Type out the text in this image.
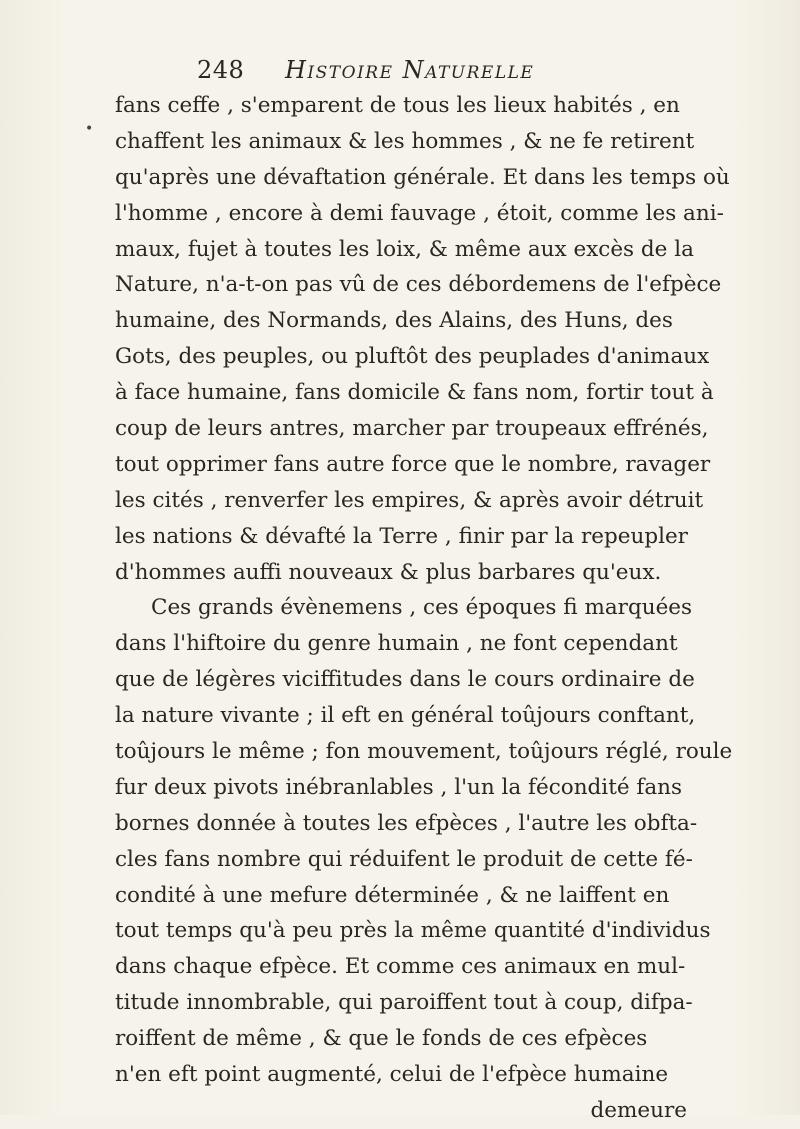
248 Histoire Naturelle
•
fans ceffe , s'emparent de tous les lieux habités , en
chaffent les animaux & les hommes , & ne fe retirent
qu'après une dévaftation générale. Et dans les temps où
l'homme , encore à demi fauvage , étoit, comme les ani-
maux, fujet à toutes les loix, & même aux excès de la
Nature, n'a-t-on pas vû de ces débordemens de l'efpèce
humaine, des Normands, des Alains, des Huns, des
Gots, des peuples, ou pluftôt des peuplades d'animaux
à face humaine, fans domicile & fans nom, fortir tout à
coup de leurs antres, marcher par troupeaux effrénés,
tout opprimer fans autre force que le nombre, ravager
les cités , renverfer les empires, & après avoir détruit
les nations & dévafté la Terre , finir par la repeupler
d'hommes auffi nouveaux & plus barbares qu'eux.
Ces grands évènemens , ces époques fi marquées
dans l'hiftoire du genre humain , ne font cependant
que de légères viciffitudes dans le cours ordinaire de
la nature vivante ; il eft en général toûjours conftant,
toûjours le même ; fon mouvement, toûjours réglé, roule
fur deux pivots inébranlables , l'un la fécondité fans
bornes donnée à toutes les efpèces , l'autre les obfta-
cles fans nombre qui réduifent le produit de cette fé-
condité à une mefure déterminée , & ne laiffent en
tout temps qu'à peu près la même quantité d'individus
dans chaque efpèce. Et comme ces animaux en mul-
titude innombrable, qui paroiffent tout à coup, difpa-
roiffent de même , & que le fonds de ces efpèces
n'en eft point augmenté, celui de l'efpèce humaine
demeure
